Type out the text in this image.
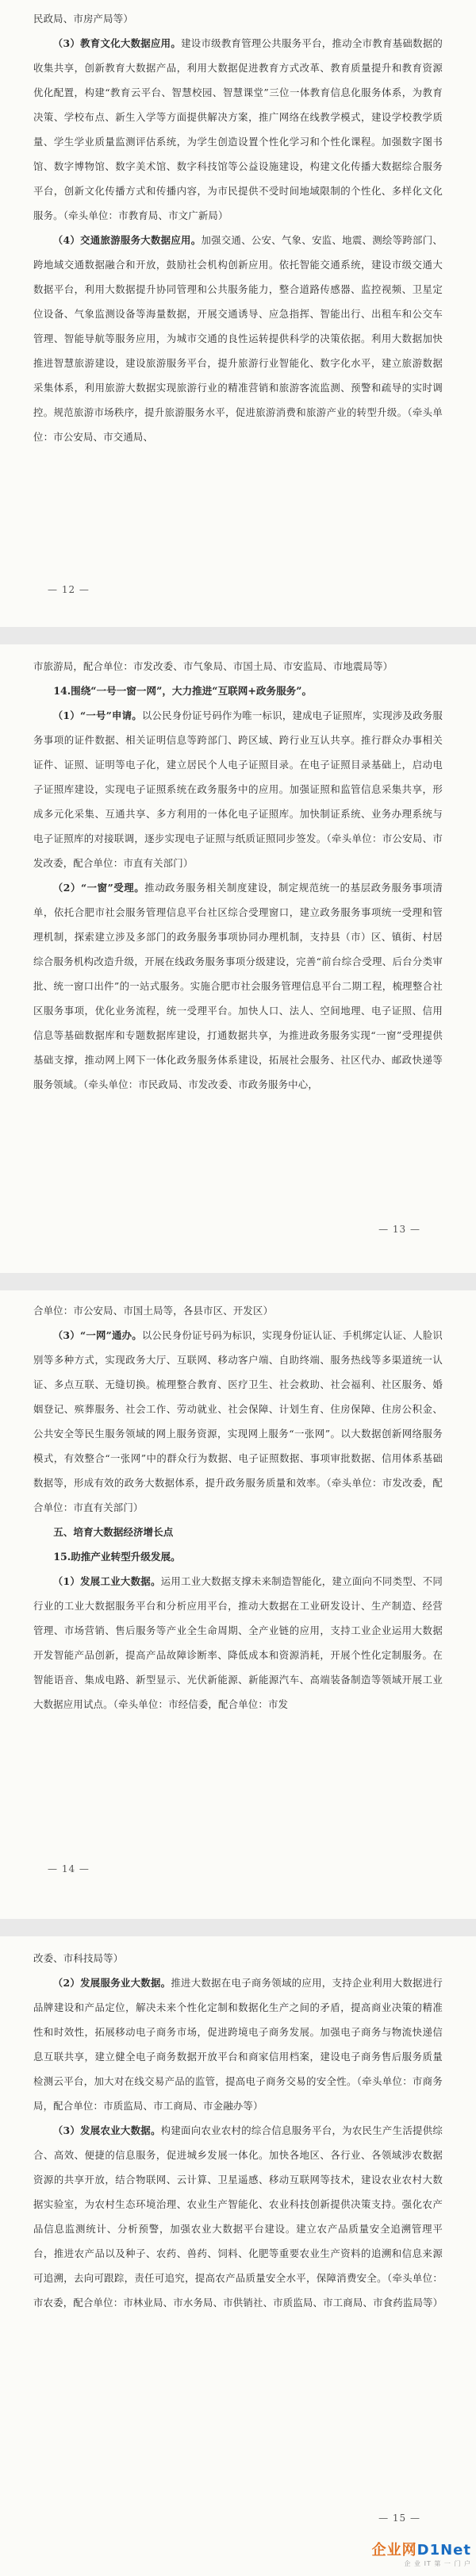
民政局、市房产局等）

（3）教育文化大数据应用。建设市级教育管理公共服务平台，推动全市教育基础数据的收集共享，创新教育大数据产品，利用大数据促进教育方式改革、教育质量提升和教育资源优化配置，构建“教育云平台、智慧校园、智慧课堂”三位一体教育信息化服务体系，为教育决策、学校布点、新生入学等方面提供解决方案，推广网络在线教学模式，建设学校教学质量、学生学业质量监测评估系统，为学生创造设置个性化学习和个性化课程。加强数字图书馆、数字博物馆、数字美术馆、数字科技馆等公益设施建设，构建文化传播大数据综合服务平台，创新文化传播方式和传播内容，为市民提供不受时间地域限制的个性化、多样化文化服务。（牵头单位：市教育局、市文广新局）

（4）交通旅游服务大数据应用。加强交通、公安、气象、安监、地震、测绘等跨部门、跨地域交通数据融合和开放，鼓励社会机构创新应用。依托智能交通系统，建设市级交通大数据平台，利用大数据提升协同管理和公共服务能力，整合道路传感器、监控视频、卫星定位设备、气象监测设备等海量数据，开展交通诱导、应急指挥、智能出行、出租车和公交车管理、智能导航等服务应用，为城市交通的良性运转提供科学的决策依据。利用大数据加快推进智慧旅游建设，建设旅游服务平台，提升旅游行业智能化、数字化水平，建立旅游数据采集体系，利用旅游大数据实现旅游行业的精准营销和旅游客流监测、预警和疏导的实时调控。规范旅游市场秩序，提升旅游服务水平，促进旅游消费和旅游产业的转型升级。（牵头单位：市公安局、市交通局、

— 12 —

市旅游局，配合单位：市发改委、市气象局、市国土局、市安监局、市地震局等）

14.围绕“一号一窗一网”，大力推进“互联网+政务服务”。

（1）“一号”申请。以公民身份证号码作为唯一标识，建成电子证照库，实现涉及政务服务事项的证件数据、相关证明信息等跨部门、跨区域、跨行业互认共享。推行群众办事相关证件、证照、证明等电子化，建立居民个人电子证照目录。在电子证照目录基础上，启动电子证照库建设，实现电子证照系统在政务服务中的应用。加强证照和监管信息采集共享，形成多元化采集、互通共享、多方利用的一体化电子证照库。加快制证系统、业务办理系统与电子证照库的对接联调，逐步实现电子证照与纸质证照同步签发。（牵头单位：市公安局、市发改委，配合单位：市直有关部门）

（2）“一窗”受理。推动政务服务相关制度建设，制定规范统一的基层政务服务事项清单，依托合肥市社会服务管理信息平台社区综合受理窗口，建立政务服务事项统一受理和管理机制，探索建立涉及多部门的政务服务事项协同办理机制，支持县（市）区、镇街、村居综合服务机构改造升级，开展在线政务服务事项分级建设，完善“前台综合受理、后台分类审批、统一窗口出件”的一站式服务。实施合肥市社会服务管理信息平台二期工程，梳理整合社区服务事项，优化业务流程，统一受理平台。加快人口、法人、空间地理、电子证照、信用信息等基础数据库和专题数据库建设，打通数据共享，为推进政务服务实现“一窗”受理提供基础支撑，推动网上网下一体化政务服务体系建设，拓展社会服务、社区代办、邮政快递等服务领域。（牵头单位：市民政局、市发改委、市政务服务中心，

— 13 —

合单位：市公安局、市国土局等，各县市区、开发区）

（3）“一网”通办。以公民身份证号码为标识，实现身份证认证、手机绑定认证、人脸识别等多种方式，实现政务大厅、互联网、移动客户端、自助终端、服务热线等多渠道统一认证、多点互联、无缝切换。梳理整合教育、医疗卫生、社会救助、社会福利、社区服务、婚姻登记、殡葬服务、社会工作、劳动就业、社会保障、计划生育、住房保障、住房公积金、公共安全等民生服务领域的网上服务资源，实现网上服务“一张网”。以大数据创新网络服务模式，有效整合“一张网”中的群众行为数据、电子证照数据、事项审批数据、信用体系基础数据等，形成有效的政务大数据体系，提升政务服务质量和效率。（牵头单位：市发改委，配合单位：市直有关部门）

五、培育大数据经济增长点

15.助推产业转型升级发展。

（1）发展工业大数据。运用工业大数据支撑未来制造智能化，建立面向不同类型、不同行业的工业大数据服务平台和分析应用平台，推动大数据在工业研发设计、生产制造、经营管理、市场营销、售后服务等产业全生命周期、全产业链的应用，支持工业企业运用大数据开发智能产品创新，提高产品故障诊断率、降低成本和资源消耗，开展个性化定制服务。在智能语音、集成电路、新型显示、光伏新能源、新能源汽车、高端装备制造等领域开展工业大数据应用试点。（牵头单位：市经信委，配合单位：市发

— 14 —

改委、市科技局等）

（2）发展服务业大数据。推进大数据在电子商务领域的应用，支持企业利用大数据进行品牌建设和产品定位，解决未来个性化定制和数据化生产之间的矛盾，提高商业决策的精准性和时效性，拓展移动电子商务市场，促进跨境电子商务发展。加强电子商务与物流快递信息互联共享，建立健全电子商务数据开放平台和商家信用档案，建设电子商务售后服务质量检测云平台，加大对在线交易产品的监管，提高电子商务交易的安全性。（牵头单位：市商务局，配合单位：市质监局、市工商局、市金融办等）

（3）发展农业大数据。构建面向农业农村的综合信息服务平台，为农民生产生活提供综合、高效、便捷的信息服务，促进城乡发展一体化。加快各地区、各行业、各领域涉农数据资源的共享开放，结合物联网、云计算、卫星遥感、移动互联网等技术，建设农业农村大数据实验室，为农村生态环境治理、农业生产智能化、农业科技创新提供决策支持。强化农产品信息监测统计、分析预警，加强农业大数据平台建设。建立农产品质量安全追溯管理平台，推进农产品以及种子、农药、兽药、饲料、化肥等重要农业生产资料的追溯和信息来源可追溯，去向可跟踪，责任可追究，提高农产品质量安全水平，保障消费安全。（牵头单位：市农委，配合单位：市林业局、市水务局、市供销社、市质监局、市工商局、市食药监局等）

— 15 —
企业网D1Net
企 业 IT 第 一 门 户
